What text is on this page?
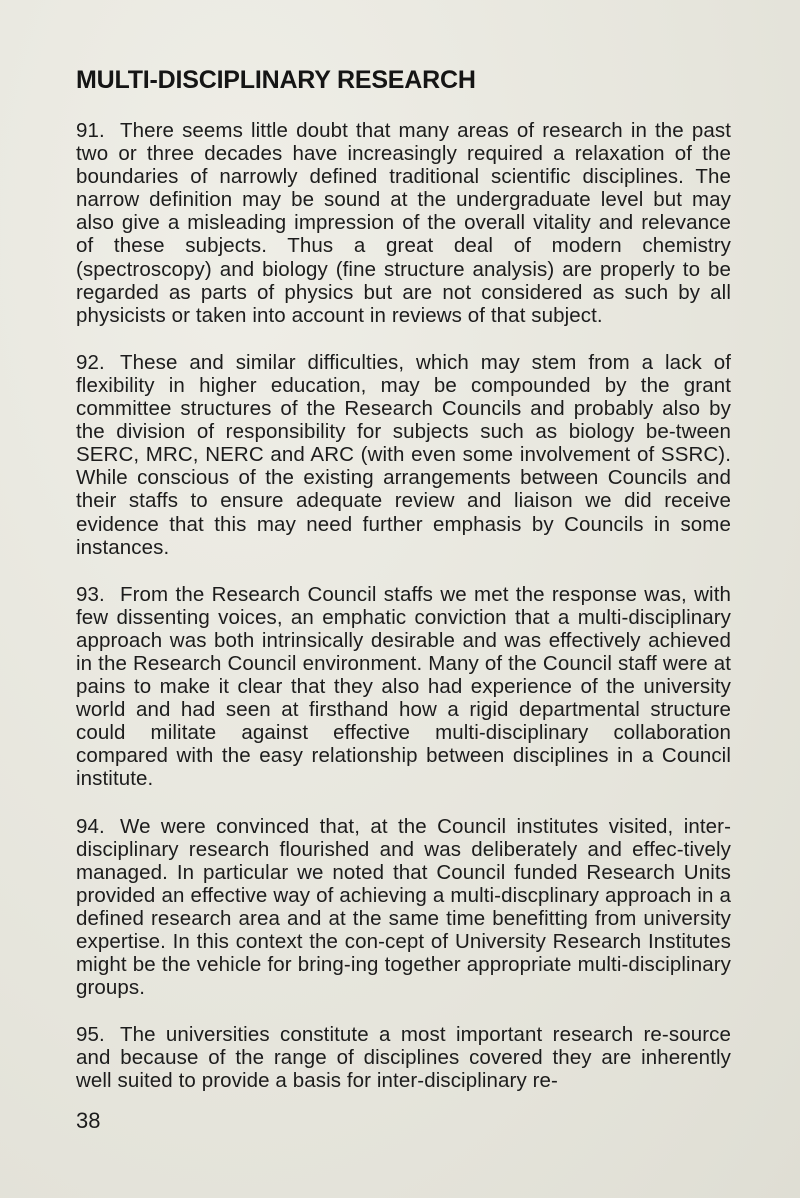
MULTI-DISCIPLINARY RESEARCH

91. There seems little doubt that many areas of research in the past two or three decades have increasingly required a relaxation of the boundaries of narrowly defined traditional scientific disciplines. The narrow definition may be sound at the undergraduate level but may also give a misleading impression of the overall vitality and relevance of these subjects. Thus a great deal of modern chemistry (spectroscopy) and biology (fine structure analysis) are properly to be regarded as parts of physics but are not considered as such by all physicists or taken into account in reviews of that subject.

92. These and similar difficulties, which may stem from a lack of flexibility in higher education, may be compounded by the grant committee structures of the Research Councils and probably also by the division of responsibility for subjects such as biology be-tween SERC, MRC, NERC and ARC (with even some involvement of SSRC). While conscious of the existing arrangements between Councils and their staffs to ensure adequate review and liaison we did receive evidence that this may need further emphasis by Councils in some instances.

93. From the Research Council staffs we met the response was, with few dissenting voices, an emphatic conviction that a multi-disciplinary approach was both intrinsically desirable and was effectively achieved in the Research Council environment. Many of the Council staff were at pains to make it clear that they also had experience of the university world and had seen at firsthand how a rigid departmental structure could militate against effective multi-disciplinary collaboration compared with the easy relationship between disciplines in a Council institute.

94. We were convinced that, at the Council institutes visited, inter-disciplinary research flourished and was deliberately and effec-tively managed. In particular we noted that Council funded Research Units provided an effective way of achieving a multi-discplinary approach in a defined research area and at the same time benefitting from university expertise. In this context the con-cept of University Research Institutes might be the vehicle for bring-ing together appropriate multi-disciplinary groups.

95. The universities constitute a most important research re-source and because of the range of disciplines covered they are inherently well suited to provide a basis for inter-disciplinary re-

38
